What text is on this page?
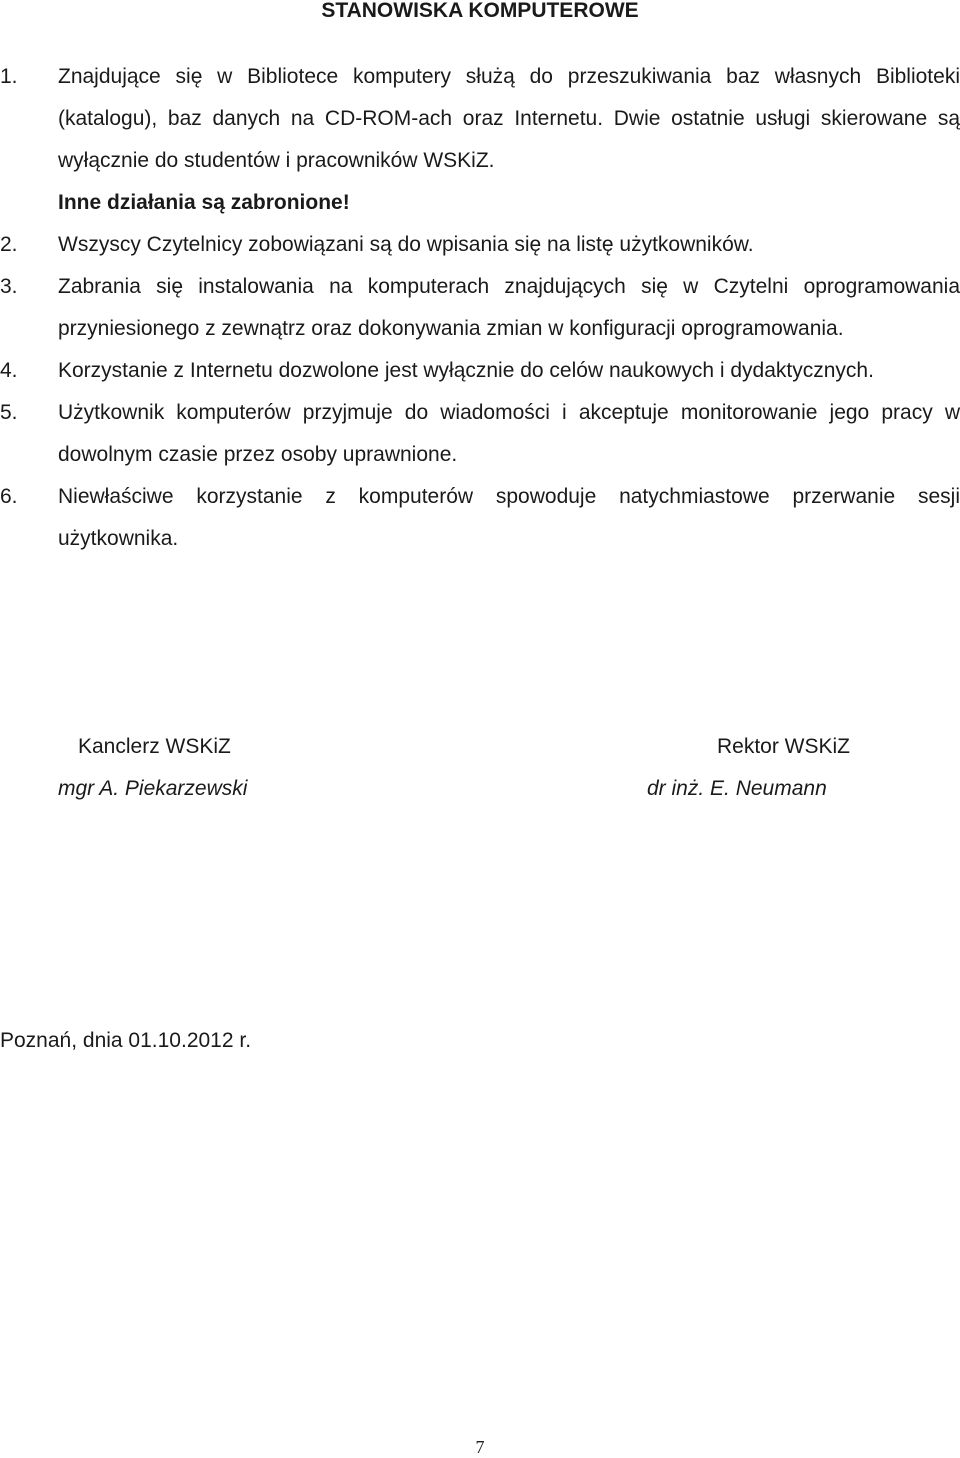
STANOWISKA KOMPUTEROWE
1. Znajdujące się w Bibliotece komputery służą do przeszukiwania baz własnych Biblioteki (katalogu), baz danych na CD-ROM-ach oraz Internetu. Dwie ostatnie usługi skierowane są wyłącznie do studentów i pracowników WSKiZ.
Inne działania są zabronione!
2. Wszyscy Czytelnicy zobowiązani są do wpisania się na listę użytkowników.
3. Zabrania się instalowania na komputerach znajdujących się w Czytelni oprogramowania przyniesionego z zewnątrz oraz dokonywania zmian w konfiguracji oprogramowania.
4. Korzystanie z Internetu dozwolone jest wyłącznie do celów naukowych i dydaktycznych.
5. Użytkownik komputerów przyjmuje do wiadomości i akceptuje monitorowanie jego pracy w dowolnym czasie przez osoby uprawnione.
6. Niewłaściwe korzystanie z komputerów spowoduje natychmiastowe przerwanie sesji użytkownika.
Kanclerz WSKiZ
mgr A. Piekarzewski
Rektor WSKiZ
dr inż. E. Neumann
Poznań, dnia 01.10.2012 r.
7
